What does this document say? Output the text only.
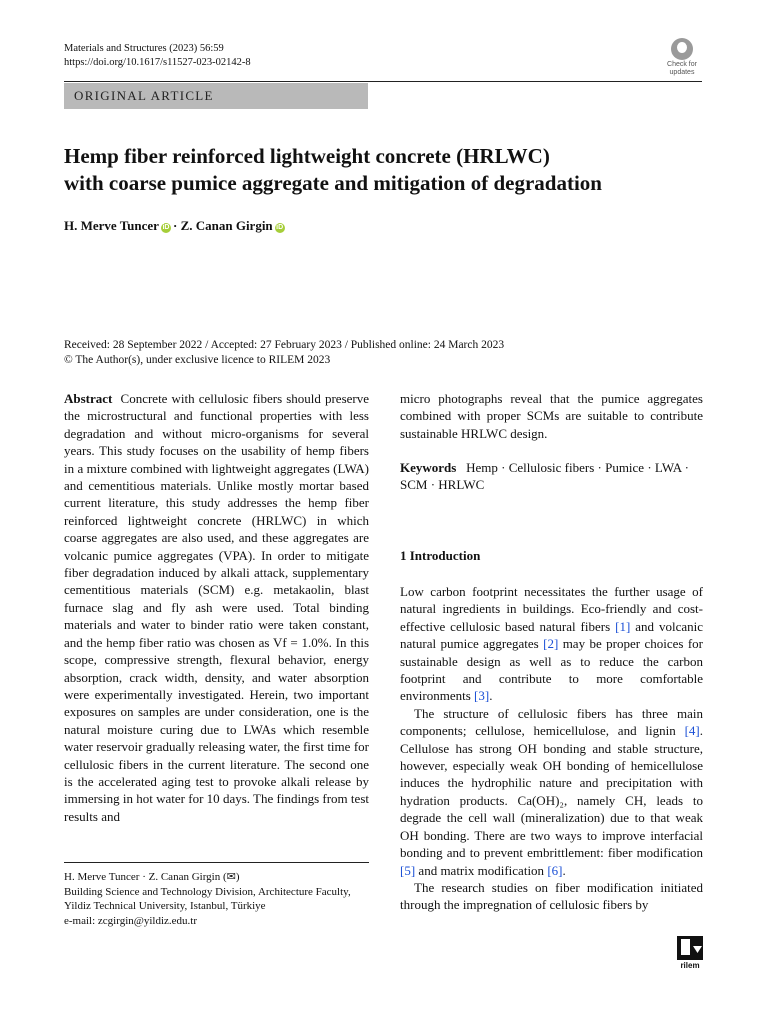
Materials and Structures (2023) 56:59
https://doi.org/10.1617/s11527-023-02142-8	Check for updates
ORIGINAL ARTICLE
Hemp fiber reinforced lightweight concrete (HRLWC)
with coarse pumice aggregate and mitigation of degradation
H. Merve Tuncer iD · Z. Canan Girgin iD
Received: 28 September 2022 / Accepted: 27 February 2023 / Published online: 24 March 2023
© The Author(s), under exclusive licence to RILEM 2023

Abstract Concrete with cellulosic fibers should preserve the microstructural and functional properties with less degradation and without micro-organisms for several years. This study focuses on the usability of hemp fibers in a mixture combined with lightweight aggregates (LWA) and cementitious materials. Unlike mostly mortar based current literature, this study addresses the hemp fiber reinforced lightweight concrete (HRLWC) in which coarse aggregates are also used, and these aggregates are volcanic pumice aggregates (VPA). In order to mitigate fiber degradation induced by alkali attack, supplementary cementitious materials (SCM) e.g. metakaolin, blast furnace slag and fly ash were used. Total binding materials and water to binder ratio were taken constant, and the hemp fiber ratio was chosen as Vf = 1.0%. In this scope, compressive strength, flexural behavior, energy absorption, crack width, density, and water absorption were experimentally investigated. Herein, two important exposures on samples are under consideration, one is the natural moisture curing due to LWAs which resemble water reservoir gradually releasing water, the first time for cellulosic fibers in the current literature. The second one is the accelerated aging test to provoke alkali release by immersing in hot water for 10 days. The findings from test results and

micro photographs reveal that the pumice aggregates combined with proper SCMs are suitable to contribute sustainable HRLWC design.

Keywords Hemp · Cellulosic fibers · Pumice · LWA · SCM · HRLWC
1 Introduction

Low carbon footprint necessitates the further usage of natural ingredients in buildings. Eco-friendly and cost-effective cellulosic based natural fibers [1] and volcanic natural pumice aggregates [2] may be proper choices for sustainable design as well as to reduce the carbon footprint and contribute to more comfortable environments [3].

The structure of cellulosic fibers has three main components; cellulose, hemicellulose, and lignin [4]. Cellulose has strong OH bonding and stable structure, however, especially weak OH bonding of hemicellulose induces the hydrophilic nature and precipitation with hydration products. Ca(OH)₂, namely CH, leads to degrade the cell wall (mineralization) due to that weak OH bonding. There are two ways to improve interfacial bonding and to prevent embrittlement: fiber modification [5] and matrix modification [6].

The research studies on fiber modification initiated through the impregnation of cellulosic fibers by

H. Merve Tuncer · Z. Canan Girgin (✉)
Building Science and Technology Division, Architecture Faculty, Yildiz Technical University, Istanbul, Türkiye
e-mail: zcgirgin@yildiz.edu.tr
rilem
